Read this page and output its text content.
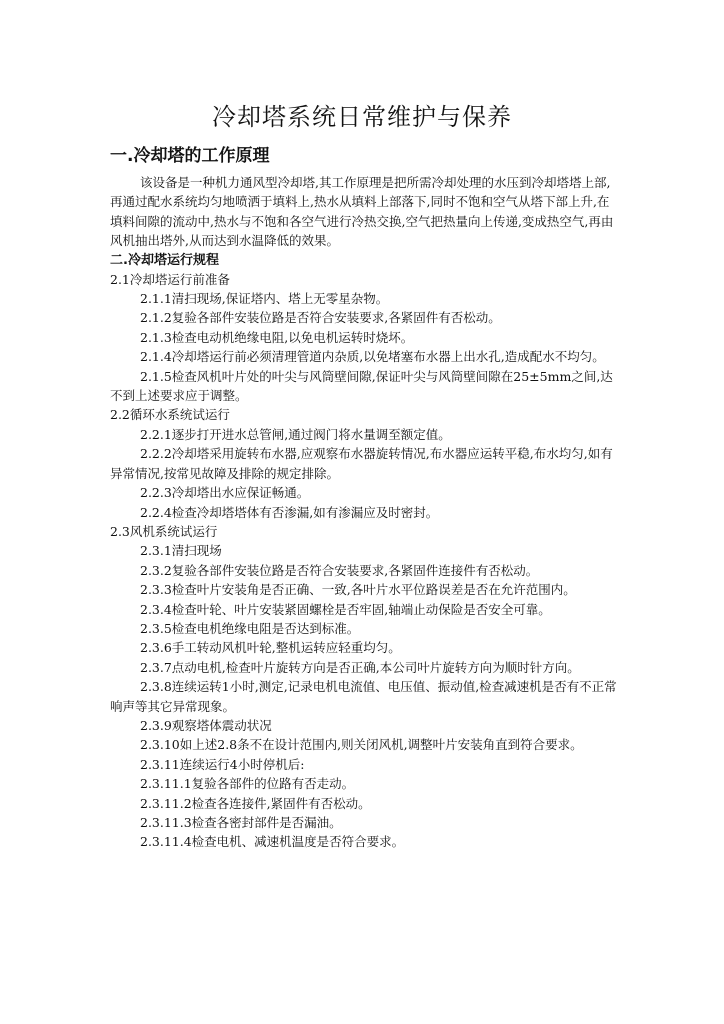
冷却塔系统日常维护与保养
一.冷却塔的工作原理

该设备是一种机力通风型冷却塔,其工作原理是把所需冷却处理的水压到冷却塔塔上部,再通过配水系统均匀地喷洒于填料上,热水从填料上部落下,同时不饱和空气从塔下部上升,在填料间隙的流动中,热水与不饱和各空气进行冷热交换,空气把热量向上传递,变成热空气,再由风机抽出塔外,从而达到水温降低的效果。

二.冷却塔运行规程
2.1冷却塔运行前准备

2.1.1清扫现场,保证塔内、塔上无零星杂物。

2.1.2复验各部件安装位路是否符合安装要求,各紧固件有否松动。

2.1.3检查电动机绝缘电阻,以免电机运转时烧坏。

2.1.4冷却塔运行前必须清理管道内杂质,以免堵塞布水器上出水孔,造成配水不均匀。

2.1.5检查风机叶片处的叶尖与风筒壁间隙,保证叶尖与风筒壁间隙在25±5mm之间,达不到上述要求应于调整。

2.2循环水系统试运行

2.2.1逐步打开进水总管闸,通过阀门将水量调至额定值。

2.2.2冷却塔采用旋转布水器,应观察布水器旋转情况,布水器应运转平稳,布水均匀,如有异常情况,按常见故障及排除的规定排除。

2.2.3冷却塔出水应保证畅通。

2.2.4检查冷却塔塔体有否渗漏,如有渗漏应及时密封。

2.3风机系统试运行

2.3.1清扫现场

2.3.2复验各部件安装位路是否符合安装要求,各紧固件连接件有否松动。

2.3.3检查叶片安装角是否正确、一致,各叶片水平位路误差是否在允许范围内。

2.3.4检查叶轮、叶片安装紧固螺栓是否牢固,轴端止动保险是否安全可靠。

2.3.5检查电机绝缘电阻是否达到标准。

2.3.6手工转动风机叶轮,整机运转应轻重均匀。

2.3.7点动电机,检查叶片旋转方向是否正确,本公司叶片旋转方向为顺时针方向。

2.3.8连续运转1小时,测定,记录电机电流值、电压值、振动值,检查减速机是否有不正常响声等其它异常现象。

2.3.9观察塔体震动状况

2.3.10如上述2.8条不在设计范围内,则关闭风机,调整叶片安装角直到符合要求。

2.3.11连续运行4小时停机后:

2.3.11.1复验各部件的位路有否走动。

2.3.11.2检查各连接件,紧固件有否松动。

2.3.11.3检查各密封部件是否漏油。

2.3.11.4检查电机、减速机温度是否符合要求。
